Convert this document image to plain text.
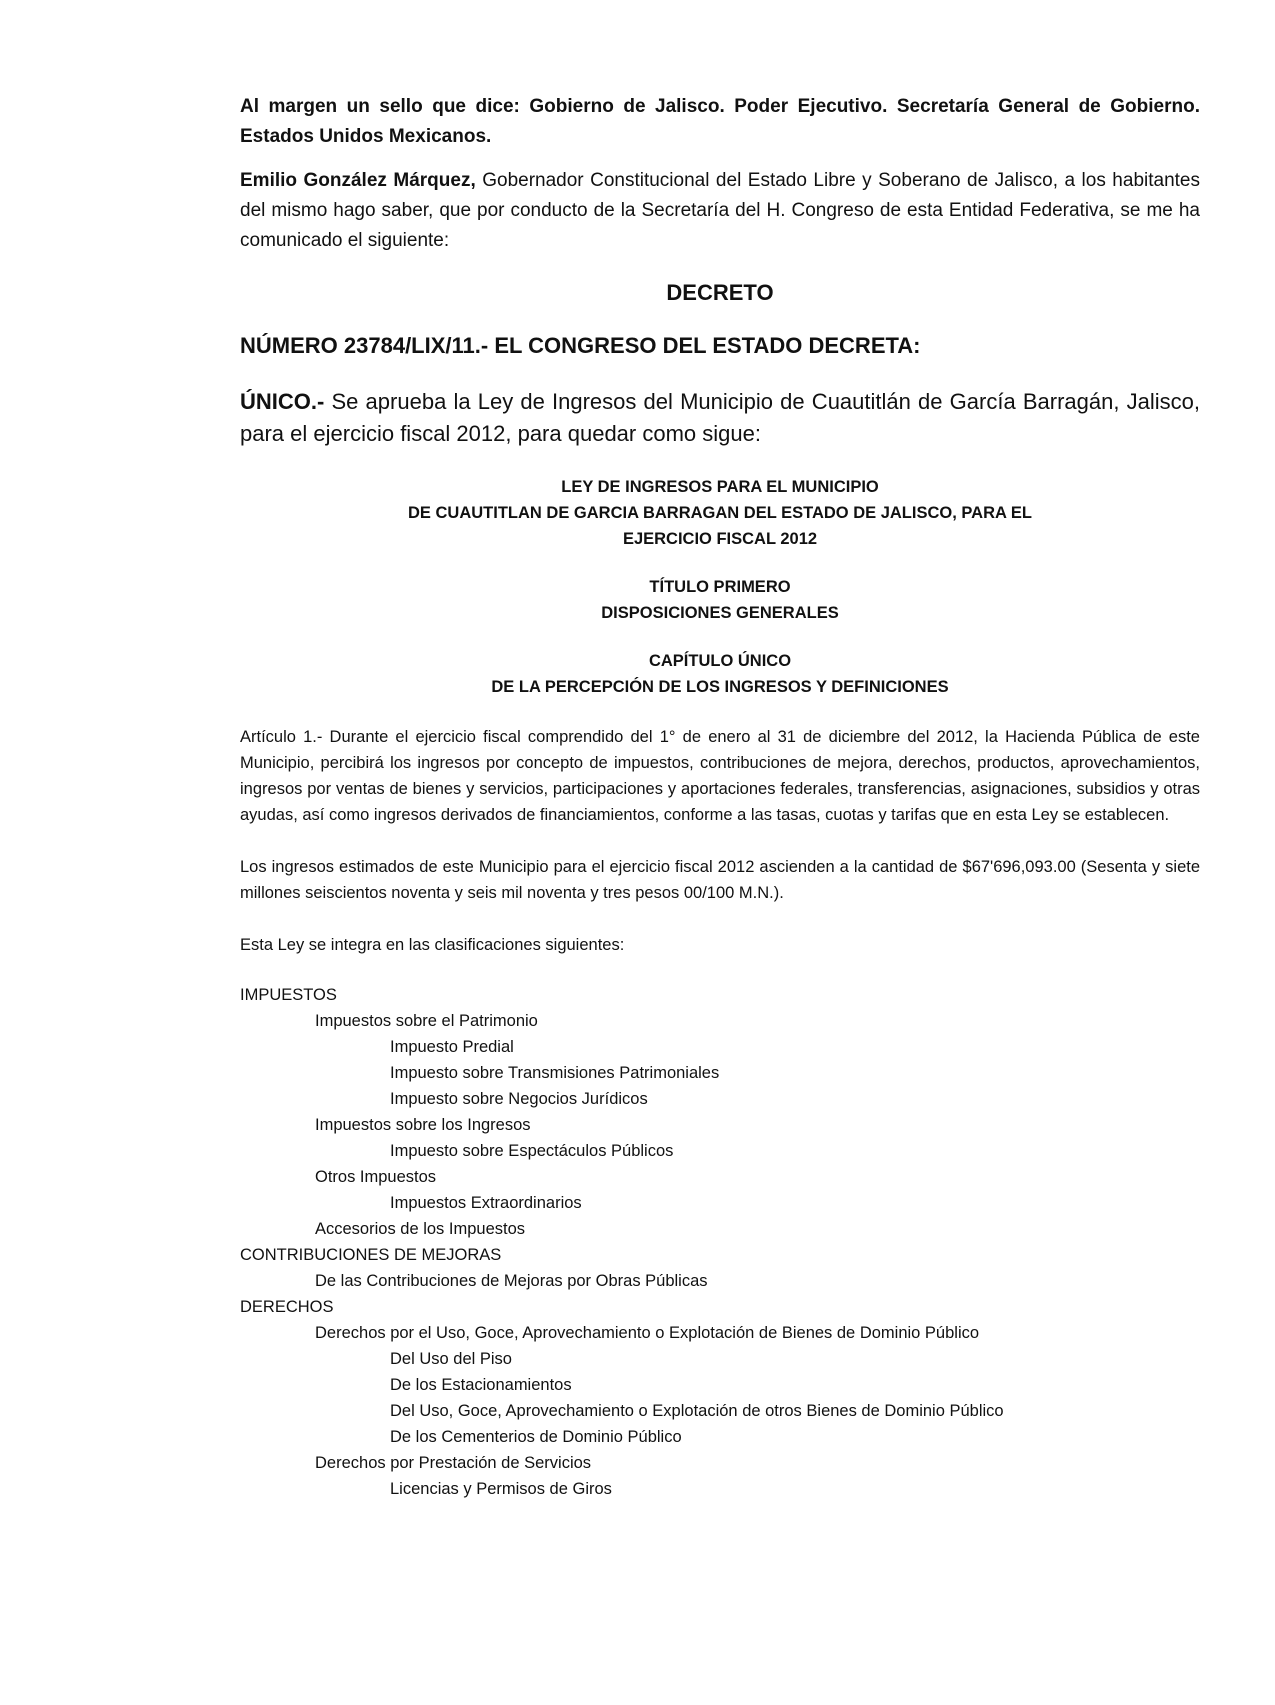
Al margen un sello que dice: Gobierno de Jalisco. Poder Ejecutivo. Secretaría General de Gobierno. Estados Unidos Mexicanos.

Emilio González Márquez, Gobernador Constitucional del Estado Libre y Soberano de Jalisco, a los habitantes del mismo hago saber, que por conducto de la Secretaría del H. Congreso de esta Entidad Federativa, se me ha comunicado el siguiente:

DECRETO

NÚMERO 23784/LIX/11.- EL CONGRESO DEL ESTADO DECRETA:

ÚNICO.- Se aprueba la Ley de Ingresos del Municipio de Cuautitlán de García Barragán, Jalisco, para el ejercicio fiscal 2012, para quedar como sigue:

LEY DE INGRESOS PARA EL MUNICIPIO
DE CUAUTITLAN DE GARCIA BARRAGAN DEL ESTADO DE JALISCO, PARA EL
EJERCICIO FISCAL 2012
TÍTULO PRIMERO
DISPOSICIONES GENERALES
CAPÍTULO ÚNICO
DE LA PERCEPCIÓN DE LOS INGRESOS Y DEFINICIONES

Artículo 1.- Durante el ejercicio fiscal comprendido del 1° de enero al 31 de diciembre del 2012, la Hacienda Pública de este Municipio, percibirá los ingresos por concepto de impuestos, contribuciones de mejora, derechos, productos, aprovechamientos, ingresos por ventas de bienes y servicios, participaciones y aportaciones federales, transferencias, asignaciones, subsidios y otras ayudas, así como ingresos derivados de financiamientos, conforme a las tasas, cuotas y tarifas que en esta Ley se establecen.

Los ingresos estimados de este Municipio para el ejercicio fiscal 2012 ascienden a la cantidad de $67'696,093.00 (Sesenta y siete millones seiscientos noventa y seis mil noventa y tres pesos 00/100 M.N.).

Esta Ley se integra en las clasificaciones siguientes:

IMPUESTOS
Impuestos sobre el Patrimonio
Impuesto Predial
Impuesto sobre Transmisiones Patrimoniales
Impuesto sobre Negocios Jurídicos
Impuestos sobre los Ingresos
Impuesto sobre Espectáculos Públicos
Otros Impuestos
Impuestos Extraordinarios
Accesorios de los Impuestos
CONTRIBUCIONES DE MEJORAS
De las Contribuciones de Mejoras por Obras Públicas
DERECHOS
Derechos por el Uso, Goce, Aprovechamiento o Explotación de Bienes de Dominio Público
Del Uso del Piso
De los Estacionamientos
Del Uso, Goce, Aprovechamiento o Explotación de otros Bienes de Dominio Público
De los Cementerios de Dominio Público
Derechos por Prestación de Servicios
Licencias y Permisos de Giros
